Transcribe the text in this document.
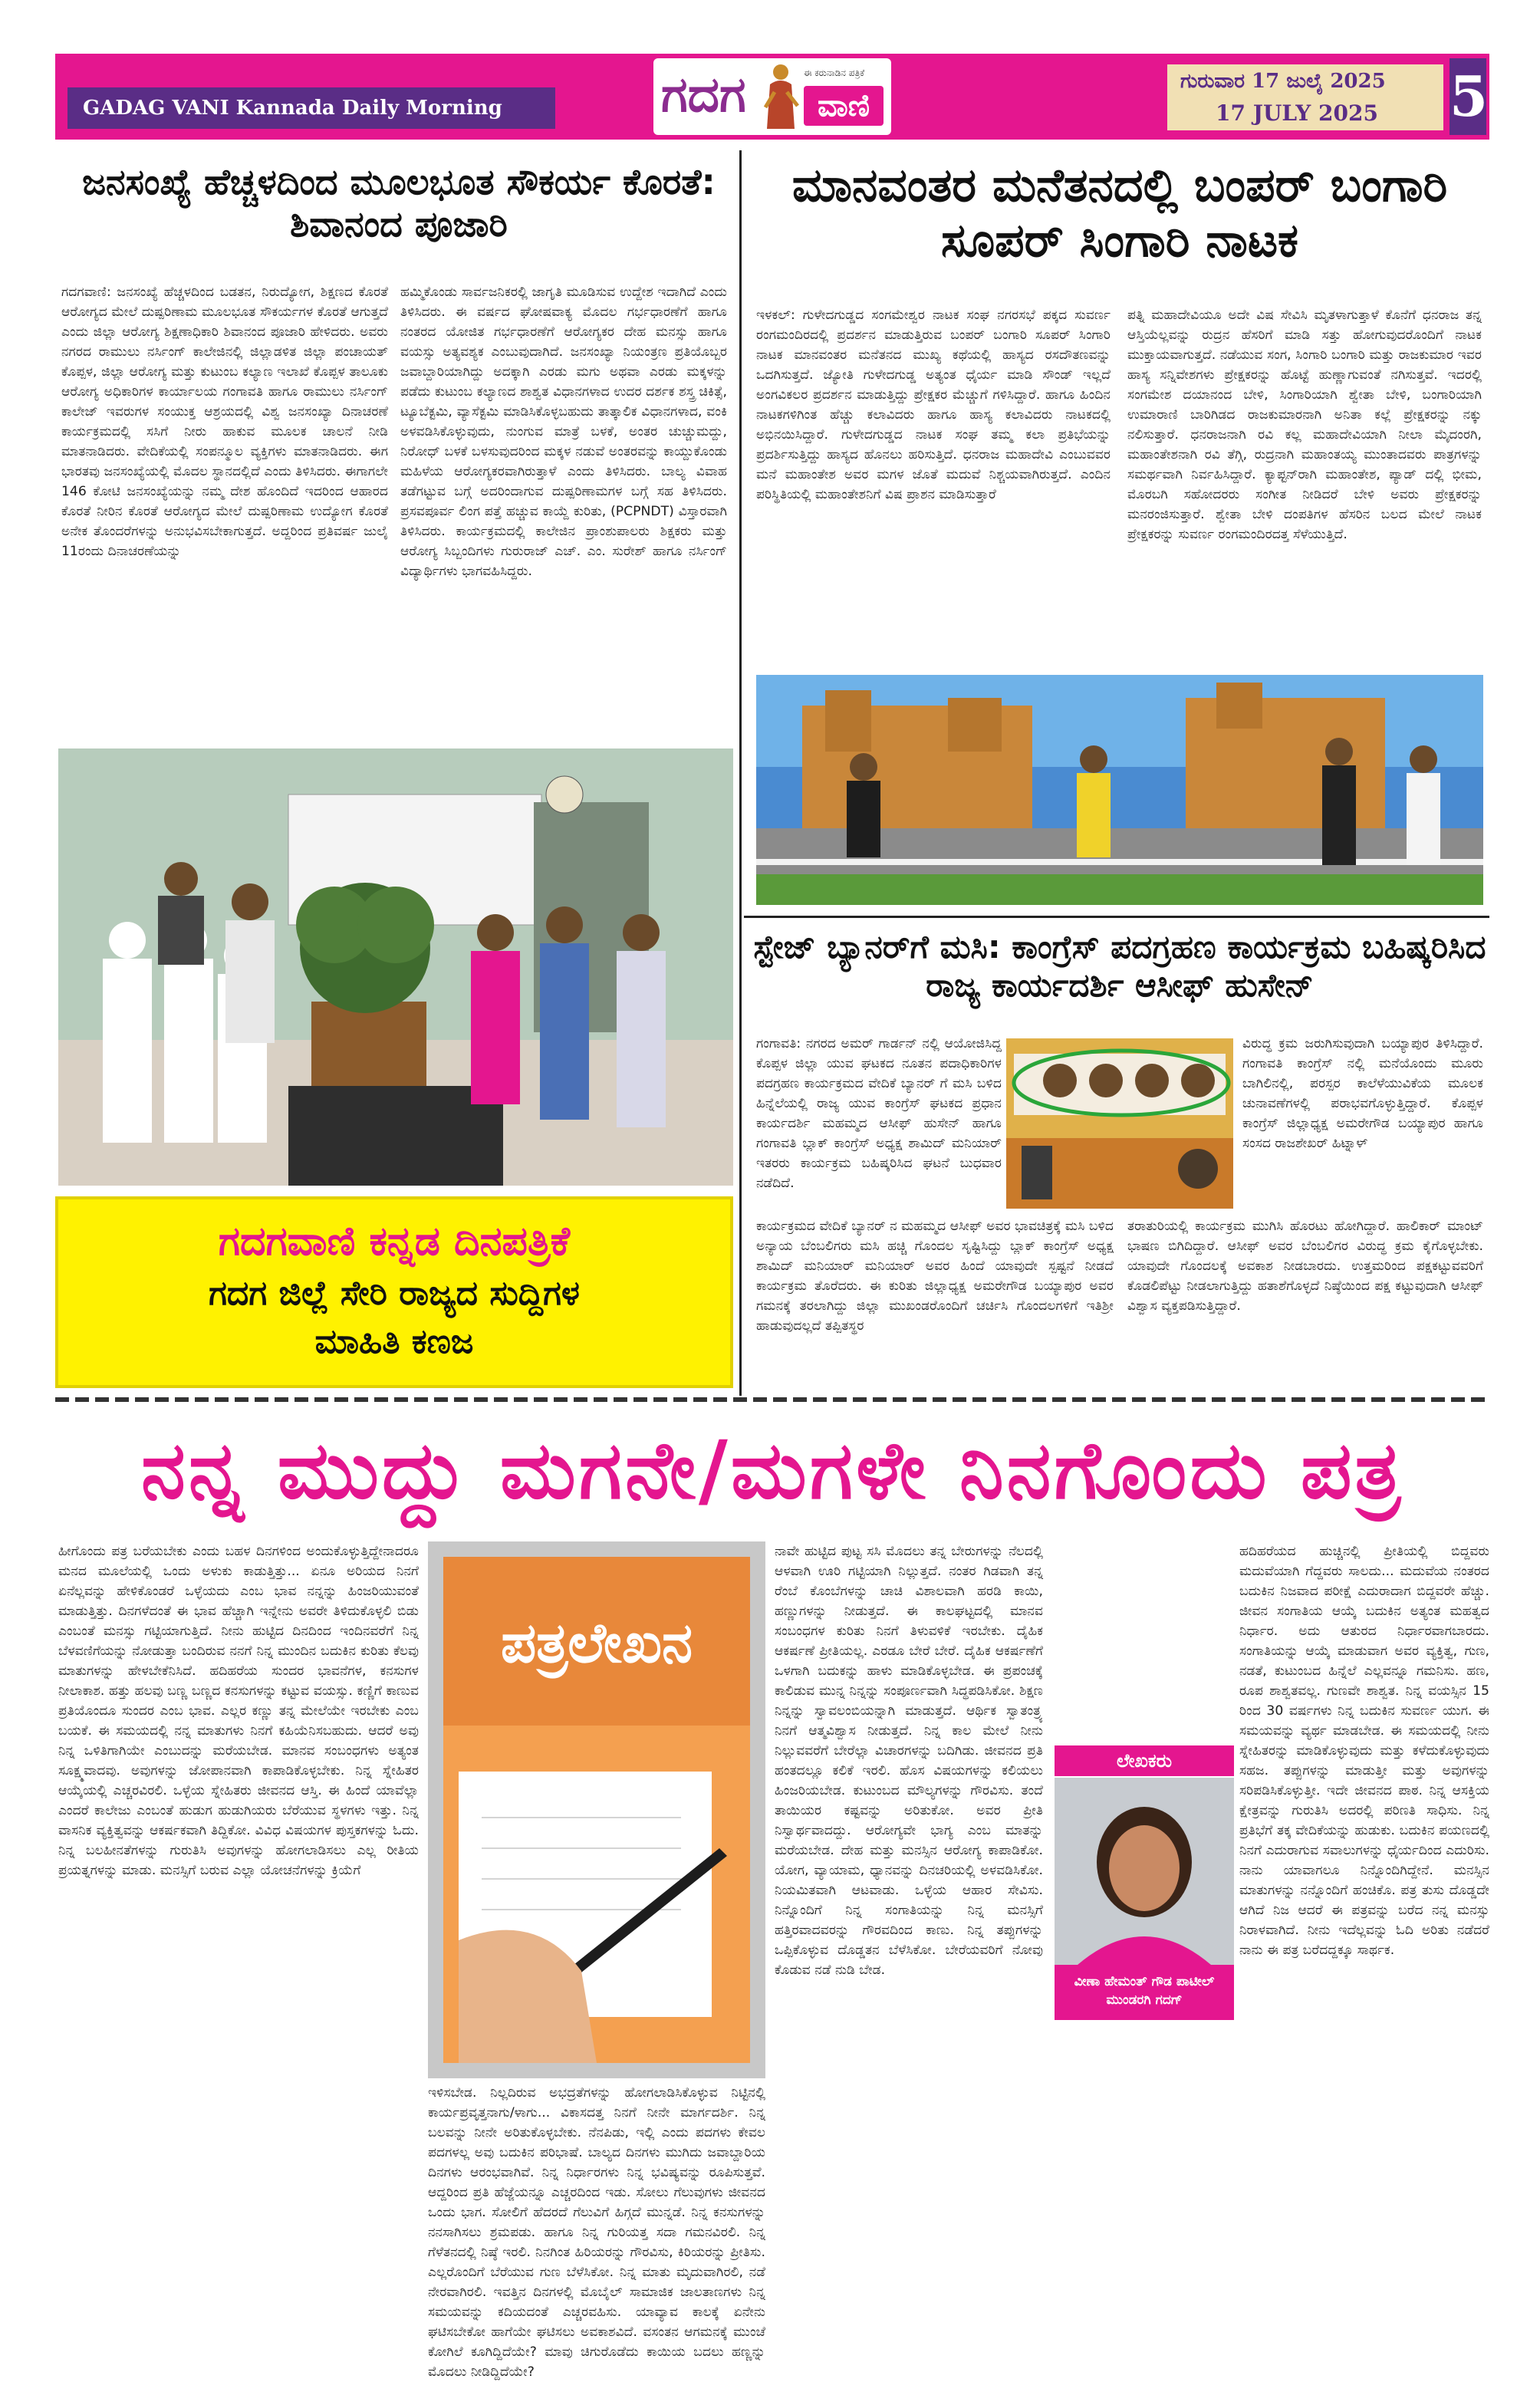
GADAG VANI Kannada Daily Morning	ಗದಗ	ಈ ಕರುನಾಡಿನ ಪತ್ರಿಕೆ
ವಾಣಿ
ಗುರುವಾರ 17 ಜುಲೈ 2025
17 JULY 2025 5
ಜನಸಂಖ್ಯೆ ಹೆಚ್ಚಳದಿಂದ ಮೂಲಭೂತ ಸೌಕರ್ಯ ಕೊರತೆ: ಶಿವಾನಂದ ಪೂಜಾರಿ
ಗದಗವಾಣಿ: ಜನಸಂಖ್ಯೆ ಹೆಚ್ಚಳದಿಂದ ಬಡತನ, ನಿರುದ್ಯೋಗ, ಶಿಕ್ಷಣದ ಕೊರತೆ ಆರೋಗ್ಯದ ಮೇಲೆ ದುಷ್ಪರಿಣಾಮ ಮೂಲಭೂತ ಸೌಕರ್ಯಗಳ ಕೊರತೆ ಆಗುತ್ತದೆ ಎಂದು ಜಿಲ್ಲಾ ಆರೋಗ್ಯ ಶಿಕ್ಷಣಾಧಿಕಾರಿ ಶಿವಾನಂದ ಪೂಜಾರಿ ಹೇಳಿದರು. ಅವರು ನಗರದ ರಾಮುಲು ನರ್ಸಿಂಗ್ ಕಾಲೇಜಿನಲ್ಲಿ ಜಿಲ್ಲಾಡಳಿತ ಜಿಲ್ಲಾ ಪಂಚಾಯತ್ ಕೊಪ್ಪಳ, ಜಿಲ್ಲಾ ಆರೋಗ್ಯ ಮತ್ತು ಕುಟುಂಬ ಕಲ್ಯಾಣ ಇಲಾಖೆ ಕೊಪ್ಪಳ ತಾಲೂಕು ಆರೋಗ್ಯ ಅಧಿಕಾರಿಗಳ ಕಾರ್ಯಾಲಯ ಗಂಗಾವತಿ ಹಾಗೂ ರಾಮುಲು ನರ್ಸಿಂಗ್ ಕಾಲೇಜ್ ಇವರುಗಳ ಸಂಯುಕ್ತ ಆಶ್ರಯದಲ್ಲಿ ವಿಶ್ವ ಜನಸಂಖ್ಯಾ ದಿನಾಚರಣೆ ಕಾರ್ಯಕ್ರಮದಲ್ಲಿ ಸಸಿಗೆ ನೀರು ಹಾಕುವ ಮೂಲಕ ಚಾಲನೆ ನೀಡಿ ಮಾತನಾಡಿದರು. ವೇದಿಕೆಯಲ್ಲಿ ಸಂಪನ್ಮೂಲ ವ್ಯಕ್ತಿಗಳು ಮಾತನಾಡಿದರು. ಈಗ ಭಾರತವು ಜನಸಂಖ್ಯೆಯಲ್ಲಿ ಮೊದಲ ಸ್ಥಾನದಲ್ಲಿದೆ ಎಂದು ತಿಳಿಸಿದರು. ಈಗಾಗಲೇ 146 ಕೋಟಿ ಜನಸಂಖ್ಯೆಯನ್ನು ನಮ್ಮ ದೇಶ ಹೊಂದಿದೆ ಇದರಿಂದ ಆಹಾರದ ಕೊರತೆ ನೀರಿನ ಕೊರತೆ ಆರೋಗ್ಯದ ಮೇಲೆ ದುಷ್ಪರಿಣಾಮ ಉದ್ಯೋಗ ಕೊರತೆ ಅನೇಕ ತೊಂದರೆಗಳನ್ನು ಅನುಭವಿಸಬೇಕಾಗುತ್ತದೆ. ಅದ್ದರಿಂದ ಪ್ರತಿವರ್ಷ ಜುಲೈ 11ರಂದು ದಿನಾಚರಣೆಯನ್ನು
ಹಮ್ಮಿಕೊಂಡು ಸಾರ್ವಜನಿಕರಲ್ಲಿ ಜಾಗೃತಿ ಮೂಡಿಸುವ ಉದ್ದೇಶ ಇದಾಗಿದೆ ಎಂದು ತಿಳಿಸಿದರು. ಈ ವರ್ಷದ ಘೋಷವಾಕ್ಯ ಮೊದಲ ಗರ್ಭಧಾರಣೆಗೆ ಹಾಗೂ ನಂತರದ ಯೋಜಿತ ಗರ್ಭಧಾರಣೆಗೆ ಆರೋಗ್ಯಕರ ದೇಹ ಮನಸ್ಸು ಹಾಗೂ ವಯಸ್ಸು ಅತ್ಯವಶ್ಯಕ ಎಂಬುವುದಾಗಿದೆ. ಜನಸಂಖ್ಯಾ ನಿಯಂತ್ರಣ ಪ್ರತಿಯೊಬ್ಬರ ಜವಾಬ್ದಾರಿಯಾಗಿದ್ದು ಅದಕ್ಕಾಗಿ ಎರಡು ಮಗು ಅಥವಾ ಎರಡು ಮಕ್ಕಳನ್ನು ಪಡೆದು ಕುಟುಂಬ ಕಲ್ಯಾಣದ ಶಾಶ್ವತ ವಿಧಾನಗಳಾದ ಉದರ ದರ್ಶಕ ಶಸ್ತ್ರ ಚಿಕಿತ್ಸೆ, ಟ್ಯೂಬೆಕ್ಟಮಿ, ವ್ಯಾಸೆಕ್ಟಮಿ ಮಾಡಿಸಿಕೊಳ್ಳಬಹುದು ತಾತ್ಕಾಲಿಕ ವಿಧಾನಗಳಾದ, ವಂಕಿ ಅಳವಡಿಸಿಕೊಳ್ಳುವುದು, ನುಂಗುವ ಮಾತ್ರೆ ಬಳಕೆ, ಅಂತರ ಚುಚ್ಚುಮದ್ದು, ನಿರೋಧ್ ಬಳಕೆ ಬಳಸುವುದರಿಂದ ಮಕ್ಕಳ ನಡುವೆ ಅಂತರವನ್ನು ಕಾಯ್ದುಕೊಂಡು ಮಹಿಳೆಯ ಆರೋಗ್ಯಕರವಾಗಿರುತ್ತಾಳೆ ಎಂದು ತಿಳಿಸಿದರು. ಬಾಲ್ಯ ವಿವಾಹ ತಡೆಗಟ್ಟುವ ಬಗ್ಗೆ ಅದರಿಂದಾಗುವ ದುಷ್ಪರಿಣಾಮಗಳ ಬಗ್ಗೆ ಸಹ ತಿಳಿಸಿದರು. ಪ್ರಸವಪೂರ್ವ ಲಿಂಗ ಪತ್ತೆ ಹಚ್ಚುವ ಕಾಯ್ದೆ ಕುರಿತು, (PCPNDT) ವಿಸ್ತಾರವಾಗಿ ತಿಳಿಸಿದರು. ಕಾರ್ಯಕ್ರಮದಲ್ಲಿ ಕಾಲೇಜಿನ ಪ್ರಾಂಶುಪಾಲರು ಶಿಕ್ಷಕರು ಮತ್ತು ಆರೋಗ್ಯ ಸಿಬ್ಬಂದಿಗಳು ಗುರುರಾಜ್ ಎಚ್. ಎಂ. ಸುರೇಶ್ ಹಾಗೂ ನರ್ಸಿಂಗ್ ವಿದ್ಯಾರ್ಥಿಗಳು ಭಾಗವಹಿಸಿದ್ದರು.
ಗದಗವಾಣಿ ಕನ್ನಡ ದಿನಪತ್ರಿಕೆ
ಗದಗ ಜಿಲ್ಲೆ ಸೇರಿ ರಾಜ್ಯದ ಸುದ್ದಿಗಳ
ಮಾಹಿತಿ ಕಣಜ
ಮಾನವಂತರ ಮನೆತನದಲ್ಲಿ ಬಂಪರ್ ಬಂಗಾರಿ ಸೂಪರ್ ಸಿಂಗಾರಿ ನಾಟಕ
ಇಳಕಲ್: ಗುಳೇದಗುಡ್ಡದ ಸಂಗಮೇಶ್ವರ ನಾಟಕ ಸಂಘ ನಗರಸಭೆ ಪಕ್ಕದ ಸುವರ್ಣ ರಂಗಮಂದಿರದಲ್ಲಿ ಪ್ರದರ್ಶನ ಮಾಡುತ್ತಿರುವ ಬಂಪರ್ ಬಂಗಾರಿ ಸೂಪರ್ ಸಿಂಗಾರಿ ನಾಟಕ ಮಾನವಂತರ ಮನೆತನದ ಮುಖ್ಯ ಕಥೆಯಲ್ಲಿ ಹಾಸ್ಯದ ರಸದೌತಣವನ್ನು ಒದಗಿಸುತ್ತದೆ. ಜ್ಯೋತಿ ಗುಳೇದಗುಡ್ಡ ಅತ್ಯಂತ ಧೈರ್ಯ ಮಾಡಿ ಸೌಂಡ್ ಇಲ್ಲದೆ ಅಂಗವಿಕಲರ ಪ್ರದರ್ಶನ ಮಾಡುತ್ತಿದ್ದು ಪ್ರೇಕ್ಷಕರ ಮೆಚ್ಚುಗೆ ಗಳಿಸಿದ್ದಾರೆ. ಹಾಗೂ ಹಿಂದಿನ ನಾಟಕಗಳಿಗಿಂತ ಹೆಚ್ಚು ಕಲಾವಿದರು ಹಾಗೂ ಹಾಸ್ಯ ಕಲಾವಿದರು ನಾಟಕದಲ್ಲಿ ಅಭಿನಯಿಸಿದ್ದಾರೆ. ಗುಳೇದಗುಡ್ಡದ ನಾಟಕ ಸಂಘ ತಮ್ಮ ಕಲಾ ಪ್ರತಿಭೆಯನ್ನು ಪ್ರದರ್ಶಿಸುತ್ತಿದ್ದು ಹಾಸ್ಯದ ಹೊನಲು ಹರಿಸುತ್ತಿದೆ. ಧನರಾಜ ಮಹಾದೇವಿ ಎಂಬುವವರ ಮನೆ ಮಹಾಂತೇಶ ಅವರ ಮಗಳ ಜೊತೆ ಮದುವೆ ನಿಶ್ಚಯವಾಗಿರುತ್ತದೆ. ಎಂದಿನ ಪರಿಸ್ಥಿತಿಯಲ್ಲಿ ಮಹಾಂತೇಶನಿಗೆ ವಿಷ ಪ್ರಾಶನ ಮಾಡಿಸುತ್ತಾರೆ
ಪತ್ನಿ ಮಹಾದೇವಿಯೂ ಅದೇ ವಿಷ ಸೇವಿಸಿ ಮೃತಳಾಗುತ್ತಾಳೆ ಕೊನೆಗೆ ಧನರಾಜ ತನ್ನ ಆಸ್ತಿಯೆಲ್ಲವನ್ನು ರುದ್ರನ ಹೆಸರಿಗೆ ಮಾಡಿ ಸತ್ತು ಹೋಗುವುದರೊಂದಿಗೆ ನಾಟಕ ಮುಕ್ತಾಯವಾಗುತ್ತದೆ. ನಡೆಯುವ ಸಂಗ, ಸಿಂಗಾರಿ ಬಂಗಾರಿ ಮತ್ತು ರಾಜಕುಮಾರ ಇವರ ಹಾಸ್ಯ ಸನ್ನಿವೇಶಗಳು ಪ್ರೇಕ್ಷಕರನ್ನು ಹೊಟ್ಟೆ ಹುಣ್ಣಾಗುವಂತೆ ನಗಿಸುತ್ತವೆ. ಇದರಲ್ಲಿ ಸಂಗಮೇಶ ದಯಾನಂದ ಬೇಳಿ, ಸಿಂಗಾರಿಯಾಗಿ ಶ್ವೇತಾ ಬೇಳಿ, ಬಂಗಾರಿಯಾಗಿ ಉಮಾರಾಣಿ ಬಾರಿಗಿಡದ ರಾಜಕುಮಾರನಾಗಿ ಅನಿತಾ ಕಲ್ಲೆ ಪ್ರೇಕ್ಷಕರನ್ನು ನಕ್ಕು ನಲಿಸುತ್ತಾರೆ. ಧನರಾಜನಾಗಿ ರವಿ ಕಲ್ಲ ಮಹಾದೇವಿಯಾಗಿ ನೀಲಾ ಮೈದಂರಗಿ, ಮಹಾಂತೇಶನಾಗಿ ರವಿ ತೆಗ್ಗಿ, ರುದ್ರನಾಗಿ ಮಹಾಂತಯ್ಯ ಮುಂತಾದವರು ಪಾತ್ರಗಳನ್ನು ಸಮರ್ಥವಾಗಿ ನಿರ್ವಹಿಸಿದ್ದಾರೆ. ಕ್ಯಾಪ್ಟನ್‌ರಾಗಿ ಮಹಾಂತೇಶ, ಪ್ಯಾಡ್ ದಲ್ಲಿ ಭೀಮ, ಮೊರಬಗಿ ಸಹೋದರರು ಸಂಗೀತ ನೀಡಿದರೆ ಬೇಳಿ ಅವರು ಪ್ರೇಕ್ಷಕರನ್ನು ಮನರಂಜಿಸುತ್ತಾರೆ. ಶ್ವೇತಾ ಬೇಳಿ ದಂಪತಿಗಳ ಹೆಸರಿನ ಬಲದ ಮೇಲೆ ನಾಟಕ ಪ್ರೇಕ್ಷಕರನ್ನು ಸುವರ್ಣ ರಂಗಮಂದಿರದತ್ತ ಸೆಳೆಯುತ್ತಿದೆ.
ಸ್ಟೇಜ್ ಬ್ಯಾನರ್‌ಗೆ ಮಸಿ: ಕಾಂಗ್ರೆಸ್ ಪದಗ್ರಹಣ ಕಾರ್ಯಕ್ರಮ ಬಹಿಷ್ಕರಿಸಿದ ರಾಜ್ಯ ಕಾರ್ಯದರ್ಶಿ ಆಸೀಫ್ ಹುಸೇನ್
ಗಂಗಾವತಿ: ನಗರದ ಅಮರ್ ಗಾರ್ಡನ್ ನಲ್ಲಿ ಆಯೋಜಿಸಿದ್ದ ಕೊಪ್ಪಳ ಜಿಲ್ಲಾ ಯುವ ಘಟಕದ ನೂತನ ಪದಾಧಿಕಾರಿಗಳ ಪದಗ್ರಹಣ ಕಾರ್ಯಕ್ರಮದ ವೇದಿಕೆ ಬ್ಯಾನರ್ ಗೆ ಮಸಿ ಬಳಿದ ಹಿನ್ನೆಲೆಯಲ್ಲಿ ರಾಜ್ಯ ಯುವ ಕಾಂಗ್ರೆಸ್ ಘಟಕದ ಪ್ರಧಾನ ಕಾರ್ಯದರ್ಶಿ ಮಹಮ್ಮದ ಆಸೀಫ್ ಹುಸೇನ್ ಹಾಗೂ ಗಂಗಾವತಿ ಬ್ಲಾಕ್ ಕಾಂಗ್ರೆಸ್ ಅಧ್ಯಕ್ಷ ಶಾಮಿದ್ ಮನಿಯಾರ್ ಇತರರು ಕಾರ್ಯಕ್ರಮ ಬಹಿಷ್ಕರಿಸಿದ ಘಟನೆ ಬುಧವಾರ ನಡೆದಿದೆ.
ವಿರುದ್ಧ ಕ್ರಮ ಜರುಗಿಸುವುದಾಗಿ ಬಯ್ಯಾಪುರ ತಿಳಿಸಿದ್ದಾರೆ. ಗಂಗಾವತಿ ಕಾಂಗ್ರೆಸ್ ನಲ್ಲಿ ಮನೆಯೊಂದು ಮೂರು ಬಾಗಿಲಿನಲ್ಲಿ, ಪರಸ್ಪರ ಕಾಲೆಳೆಯುವಿಕೆಯ ಮೂಲಕ ಚುನಾವಣೆಗಳಲ್ಲಿ ಪರಾಭವಗೊಳ್ಳುತ್ತಿದ್ದಾರೆ. ಕೊಪ್ಪಳ ಕಾಂಗ್ರೆಸ್ ಜಿಲ್ಲಾಧ್ಯಕ್ಷ ಅಮರೇಗೌಡ ಬಯ್ಯಾಪುರ ಹಾಗೂ ಸಂಸದ ರಾಜಶೇಖರ್ ಹಿಟ್ನಾಳ್
ಕಾರ್ಯಕ್ರಮದ ವೇದಿಕೆ ಬ್ಯಾನರ್ ನ ಮಹಮ್ಮದ ಆಸೀಫ್ ಅವರ ಭಾವಚಿತ್ರಕ್ಕೆ ಮಸಿ ಬಳಿದ ಅನ್ಯಾಯ ಬೆಂಬಲಿಗರು ಮಸಿ ಹಚ್ಚಿ ಗೊಂದಲ ಸೃಷ್ಟಿಸಿದ್ದು ಬ್ಲಾಕ್ ಕಾಂಗ್ರೆಸ್ ಅಧ್ಯಕ್ಷ ಶಾಮಿದ್ ಮನಿಯಾರ್ ಮನಿಯಾರ್ ಅವರ ಹಿಂದೆ ಯಾವುದೇ ಸ್ಪಷ್ಟನೆ ನೀಡದೆ ಕಾರ್ಯಕ್ರಮ ತೊರೆದರು. ಈ ಕುರಿತು ಜಿಲ್ಲಾಧ್ಯಕ್ಷ ಅಮರೇಗೌಡ ಬಯ್ಯಾಪುರ ಅವರ ಗಮನಕ್ಕೆ ತರಲಾಗಿದ್ದು ಜಿಲ್ಲಾ ಮುಖಂಡರೊಂದಿಗೆ ಚರ್ಚಿಸಿ ಗೊಂದಲಗಳಿಗೆ ಇತಿಶ್ರೀ ಹಾಡುವುದಲ್ಲದೆ ತಪ್ಪಿತಸ್ಥರ
ತರಾತುರಿಯಲ್ಲಿ ಕಾರ್ಯಕ್ರಮ ಮುಗಿಸಿ ಹೊರಟು ಹೋಗಿದ್ದಾರೆ. ಹಾಲಿಕಾರ್ ಮಾಂಟ್ ಭಾಷಣ ಬಿಗಿದಿದ್ದಾರೆ. ಆಸೀಫ್ ಅವರ ಬೆಂಬಲಿಗರ ವಿರುದ್ಧ ಕ್ರಮ ಕೈಗೊಳ್ಳಬೇಕು. ಯಾವುದೇ ಗೊಂದಲಕ್ಕೆ ಅವಕಾಶ ನೀಡಬಾರದು. ಉತ್ತಮರಿಂದ ಪಕ್ಷಕಟ್ಟುವವರಿಗೆ ಕೊಡಲಿಪೆಟ್ಟು ನೀಡಲಾಗುತ್ತಿದ್ದು ಹತಾಶೆಗೊಳ್ಳದೆ ನಿಷ್ಠೆಯಿಂದ ಪಕ್ಷ ಕಟ್ಟುವುದಾಗಿ ಆಸೀಫ್ ವಿಶ್ವಾಸ ವ್ಯಕ್ತಪಡಿಸುತ್ತಿದ್ದಾರೆ.
ನನ್ನ ಮುದ್ದು ಮಗನೇ/ಮಗಳೇ ನಿನಗೊಂದು ಪತ್ರ
ಹೀಗೊಂದು ಪತ್ರ ಬರೆಯಬೇಕು ಎಂದು ಬಹಳ ದಿನಗಳಿಂದ ಅಂದುಕೊಳ್ಳುತ್ತಿದ್ದೇನಾದರೂ ಮನದ ಮೂಲೆಯಲ್ಲಿ ಒಂದು ಅಳುಕು ಕಾಡುತ್ತಿತ್ತು... ಏನೂ ಅರಿಯದ ನಿನಗೆ ಏನೆಲ್ಲವನ್ನು ಹೇಳಿಕೊಂಡರೆ ಒಳ್ಳೆಯದು ಎಂಬ ಭಾವ ನನ್ನನ್ನು ಹಿಂಜರಿಯುವಂತೆ ಮಾಡುತ್ತಿತ್ತು. ದಿನಗಳೆದಂತೆ ಈ ಭಾವ ಹೆಚ್ಚಾಗಿ ಇನ್ನೇನು ಅವರೇ ತಿಳಿದುಕೊಳ್ಳಲಿ ಬಿಡು ಎಂಬಂತೆ ಮನಸ್ಸು ಗಟ್ಟಿಯಾಗುತ್ತಿದೆ. ನೀನು ಹುಟ್ಟಿದ ದಿನದಿಂದ ಇಂದಿನವರೆಗೆ ನಿನ್ನ ಬೆಳವಣಿಗೆಯನ್ನು ನೋಡುತ್ತಾ ಬಂದಿರುವ ನನಗೆ ನಿನ್ನ ಮುಂದಿನ ಬದುಕಿನ ಕುರಿತು ಕೆಲವು ಮಾತುಗಳನ್ನು ಹೇಳಬೇಕೆನಿಸಿದೆ. ಹದಿಹರೆಯ ಸುಂದರ ಭಾವನೆಗಳ, ಕನಸುಗಳ ನೀಲಾಕಾಶ. ಹತ್ತು ಹಲವು ಬಣ್ಣ ಬಣ್ಣದ ಕನಸುಗಳನ್ನು ಕಟ್ಟುವ ವಯಸ್ಸು. ಕಣ್ಣಿಗೆ ಕಾಣುವ ಪ್ರತಿಯೊಂದೂ ಸುಂದರ ಎಂಬ ಭಾವ. ಎಲ್ಲರ ಕಣ್ಣು ತನ್ನ ಮೇಲೆಯೇ ಇರಬೇಕು ಎಂಬ ಬಯಕೆ. ಈ ಸಮಯದಲ್ಲಿ ನನ್ನ ಮಾತುಗಳು ನಿನಗೆ ಕಹಿಯೆನಿಸಬಹುದು. ಆದರೆ ಅವು ನಿನ್ನ ಒಳಿತಿಗಾಗಿಯೇ ಎಂಬುದನ್ನು ಮರೆಯಬೇಡ. ಮಾನವ ಸಂಬಂಧಗಳು ಅತ್ಯಂತ ಸೂಕ್ಷ್ಮವಾದವು. ಅವುಗಳನ್ನು ಜೋಪಾನವಾಗಿ ಕಾಪಾಡಿಕೊಳ್ಳಬೇಕು. ನಿನ್ನ ಸ್ನೇಹಿತರ ಆಯ್ಕೆಯಲ್ಲಿ ಎಚ್ಚರವಿರಲಿ. ಒಳ್ಳೆಯ ಸ್ನೇಹಿತರು ಜೀವನದ ಆಸ್ತಿ. ಈ ಹಿಂದೆ ಯಾವೆಲ್ಲಾ ಎಂದರೆ ಕಾಲೇಜು ಎಂಬಂತೆ ಹುಡುಗ ಹುಡುಗಿಯರು ಬೆರೆಯುವ ಸ್ಥಳಗಳು ಇತ್ತು. ನಿನ್ನ ವಾಸನಿಕ ವ್ಯಕ್ತಿತ್ವವನ್ನು ಆಕರ್ಷಕವಾಗಿ ತಿದ್ದಿಕೋ. ವಿವಿಧ ವಿಷಯಗಳ ಪುಸ್ತಕಗಳನ್ನು ಓದು. ನಿನ್ನ ಬಲಹೀನತೆಗಳನ್ನು ಗುರುತಿಸಿ ಅವುಗಳನ್ನು ಹೋಗಲಾಡಿಸಲು ಎಲ್ಲ ರೀತಿಯ ಪ್ರಯತ್ನಗಳನ್ನು ಮಾಡು. ಮನಸ್ಸಿಗೆ ಬರುವ ಎಲ್ಲಾ ಯೋಚನೆಗಳನ್ನು ಕ್ರಿಯೆಗೆ
ಪತ್ರಲೇಖನ
ಇಳಿಸಬೇಡ. ನಿಲ್ಲದಿರುವ ಅಭದ್ರತೆಗಳನ್ನು ಹೋಗಲಾಡಿಸಿಕೊಳ್ಳುವ ನಿಟ್ಟಿನಲ್ಲಿ ಕಾರ್ಯಪ್ರವೃತ್ತನಾಗು/ಳಾಗು... ವಿಕಾಸದತ್ತ ನಿನಗೆ ನೀನೇ ಮಾರ್ಗದರ್ಶಿ. ನಿನ್ನ ಬಲವನ್ನು ನೀನೇ ಅರಿತುಕೊಳ್ಳಬೇಕು. ನೆನಪಿಡು, ಇಲ್ಲಿ ಎಂದು ಪದಗಳು ಕೇವಲ ಪದಗಳಲ್ಲ ಅವು ಬದುಕಿನ ಪರಿಭಾಷೆ. ಬಾಲ್ಯದ ದಿನಗಳು ಮುಗಿದು ಜವಾಬ್ದಾರಿಯ ದಿನಗಳು ಆರಂಭವಾಗಿವೆ. ನಿನ್ನ ನಿರ್ಧಾರಗಳು ನಿನ್ನ ಭವಿಷ್ಯವನ್ನು ರೂಪಿಸುತ್ತವೆ. ಆದ್ದರಿಂದ ಪ್ರತಿ ಹೆಜ್ಜೆಯನ್ನೂ ಎಚ್ಚರದಿಂದ ಇಡು. ಸೋಲು ಗೆಲುವುಗಳು ಜೀವನದ ಒಂದು ಭಾಗ. ಸೋಲಿಗೆ ಹೆದರದೆ ಗೆಲುವಿಗೆ ಹಿಗ್ಗದೆ ಮುನ್ನಡೆ. ನಿನ್ನ ಕನಸುಗಳನ್ನು ನನಸಾಗಿಸಲು ಶ್ರಮಪಡು. ಹಾಗೂ ನಿನ್ನ ಗುರಿಯತ್ತ ಸದಾ ಗಮನವಿರಲಿ. ನಿನ್ನ ಗೆಳೆತನದಲ್ಲಿ ನಿಷ್ಠೆ ಇರಲಿ. ನಿನಗಿಂತ ಹಿರಿಯರನ್ನು ಗೌರವಿಸು, ಕಿರಿಯರನ್ನು ಪ್ರೀತಿಸು. ಎಲ್ಲರೊಂದಿಗೆ ಬೆರೆಯುವ ಗುಣ ಬೆಳೆಸಿಕೋ. ನಿನ್ನ ಮಾತು ಮೃದುವಾಗಿರಲಿ, ನಡೆ ನೇರವಾಗಿರಲಿ. ಇವತ್ತಿನ ದಿನಗಳಲ್ಲಿ ಮೊಬೈಲ್ ಸಾಮಾಜಿಕ ಜಾಲತಾಣಗಳು ನಿನ್ನ ಸಮಯವನ್ನು ಕದಿಯದಂತೆ ಎಚ್ಚರವಹಿಸು. ಯಾವ್ಯಾವ ಕಾಲಕ್ಕೆ ಏನೇನು ಘಟಿಸಬೇಕೋ ಹಾಗೆಯೇ ಘಟಿಸಲು ಅವಕಾಶವಿದೆ. ವಸಂತನ ಆಗಮನಕ್ಕೆ ಮುಂಚೆ ಕೋಗಿಲೆ ಕೂಗಿದ್ದಿದೆಯೇ? ಮಾವು ಚಿಗುರೊಡೆದು ಕಾಯಿಯ ಬದಲು ಹಣ್ಣನ್ನು ಮೊದಲು ನೀಡಿದ್ದಿದೆಯೇ?
ನಾವೇ ಹುಟ್ಟಿದ ಪುಟ್ಟ ಸಸಿ ಮೊದಲು ತನ್ನ ಬೇರುಗಳನ್ನು ನೆಲದಲ್ಲಿ ಆಳವಾಗಿ ಊರಿ ಗಟ್ಟಿಯಾಗಿ ನಿಲ್ಲುತ್ತದೆ. ನಂತರ ಗಿಡವಾಗಿ ತನ್ನ ರೆಂಬೆ ಕೊಂಬೆಗಳನ್ನು ಚಾಚಿ ವಿಶಾಲವಾಗಿ ಹರಡಿ ಕಾಯಿ, ಹಣ್ಣುಗಳನ್ನು ನೀಡುತ್ತದೆ. ಈ ಕಾಲಘಟ್ಟದಲ್ಲಿ ಮಾನವ ಸಂಬಂಧಗಳ ಕುರಿತು ನಿನಗೆ ತಿಳುವಳಿಕೆ ಇರಬೇಕು. ದೈಹಿಕ ಆಕರ್ಷಣೆ ಪ್ರೀತಿಯಲ್ಲ. ಎರಡೂ ಬೇರೆ ಬೇರೆ. ದೈಹಿಕ ಆಕರ್ಷಣೆಗೆ ಒಳಗಾಗಿ ಬದುಕನ್ನು ಹಾಳು ಮಾಡಿಕೊಳ್ಳಬೇಡ. ಈ ಪ್ರಪಂಚಕ್ಕೆ ಕಾಲಿಡುವ ಮುನ್ನ ನಿನ್ನನ್ನು ಸಂಪೂರ್ಣವಾಗಿ ಸಿದ್ಧಪಡಿಸಿಕೋ. ಶಿಕ್ಷಣ ನಿನ್ನನ್ನು ಸ್ವಾವಲಂಬಿಯನ್ನಾಗಿ ಮಾಡುತ್ತದೆ. ಆರ್ಥಿಕ ಸ್ವಾತಂತ್ರ್ಯ ನಿನಗೆ ಆತ್ಮವಿಶ್ವಾಸ ನೀಡುತ್ತದೆ. ನಿನ್ನ ಕಾಲ ಮೇಲೆ ನೀನು ನಿಲ್ಲುವವರೆಗೆ ಬೇರೆಲ್ಲಾ ವಿಚಾರಗಳನ್ನು ಬದಿಗಿಡು. ಜೀವನದ ಪ್ರತಿ ಹಂತದಲ್ಲೂ ಕಲಿಕೆ ಇರಲಿ. ಹೊಸ ವಿಷಯಗಳನ್ನು ಕಲಿಯಲು ಹಿಂಜರಿಯಬೇಡ. ಕುಟುಂಬದ ಮೌಲ್ಯಗಳನ್ನು ಗೌರವಿಸು. ತಂದೆ ತಾಯಿಯರ ಕಷ್ಟವನ್ನು ಅರಿತುಕೋ. ಅವರ ಪ್ರೀತಿ ನಿಸ್ವಾರ್ಥವಾದದ್ದು. ಆರೋಗ್ಯವೇ ಭಾಗ್ಯ ಎಂಬ ಮಾತನ್ನು ಮರೆಯಬೇಡ. ದೇಹ ಮತ್ತು ಮನಸ್ಸಿನ ಆರೋಗ್ಯ ಕಾಪಾಡಿಕೋ. ಯೋಗ, ವ್ಯಾಯಾಮ, ಧ್ಯಾನವನ್ನು ದಿನಚರಿಯಲ್ಲಿ ಅಳವಡಿಸಿಕೋ. ನಿಯಮಿತವಾಗಿ ಆಟವಾಡು. ಒಳ್ಳೆಯ ಆಹಾರ ಸೇವಿಸು. ನಿನ್ನೊಂದಿಗೆ ನಿನ್ನ ಸಂಗಾತಿಯನ್ನು ನಿನ್ನ ಮನಸ್ಸಿಗೆ ಹತ್ತಿರವಾದವರನ್ನು ಗೌರವದಿಂದ ಕಾಣು. ನಿನ್ನ ತಪ್ಪುಗಳನ್ನು ಒಪ್ಪಿಕೊಳ್ಳುವ ದೊಡ್ಡತನ ಬೆಳೆಸಿಕೋ. ಬೇರೆಯವರಿಗೆ ನೋವು ಕೊಡುವ ನಡೆ ನುಡಿ ಬೇಡ.
ಲೇಖಕರು
ವೀಣಾ ಹೇಮಂತ್ ಗೌಡ ಪಾಟೀಲ್ ಮುಂಡರಗಿ ಗದಗ್
ಹದಿಹರೆಯದ ಹುಚ್ಚಿನಲ್ಲಿ ಪ್ರೀತಿಯಲ್ಲಿ ಬಿದ್ದವರು ಮದುವೆಯಾಗಿ ಗೆದ್ದವರು ಸಾಲದು... ಮದುವೆಯ ನಂತರದ ಬದುಕಿನ ನಿಜವಾದ ಪರೀಕ್ಷೆ ಎದುರಾದಾಗ ಬಿದ್ದವರೇ ಹೆಚ್ಚು. ಜೀವನ ಸಂಗಾತಿಯ ಆಯ್ಕೆ ಬದುಕಿನ ಅತ್ಯಂತ ಮಹತ್ವದ ನಿರ್ಧಾರ. ಅದು ಆತುರದ ನಿರ್ಧಾರವಾಗಬಾರದು. ಸಂಗಾತಿಯನ್ನು ಆಯ್ಕೆ ಮಾಡುವಾಗ ಅವರ ವ್ಯಕ್ತಿತ್ವ, ಗುಣ, ನಡತೆ, ಕುಟುಂಬದ ಹಿನ್ನೆಲೆ ಎಲ್ಲವನ್ನೂ ಗಮನಿಸು. ಹಣ, ರೂಪ ಶಾಶ್ವತವಲ್ಲ. ಗುಣವೇ ಶಾಶ್ವತ. ನಿನ್ನ ವಯಸ್ಸಿನ 15 ರಿಂದ 30 ವರ್ಷಗಳು ನಿನ್ನ ಬದುಕಿನ ಸುವರ್ಣ ಯುಗ. ಈ ಸಮಯವನ್ನು ವ್ಯರ್ಥ ಮಾಡಬೇಡ. ಈ ಸಮಯದಲ್ಲಿ ನೀನು ಸ್ನೇಹಿತರನ್ನು ಮಾಡಿಕೊಳ್ಳುವುದು ಮತ್ತು ಕಳೆದುಕೊಳ್ಳುವುದು ಸಹಜ. ತಪ್ಪುಗಳನ್ನು ಮಾಡುತ್ತೀ ಮತ್ತು ಅವುಗಳನ್ನು ಸರಿಪಡಿಸಿಕೊಳ್ಳುತ್ತೀ. ಇದೇ ಜೀವನದ ಪಾಠ. ನಿನ್ನ ಆಸಕ್ತಿಯ ಕ್ಷೇತ್ರವನ್ನು ಗುರುತಿಸಿ ಅದರಲ್ಲಿ ಪರಿಣತಿ ಸಾಧಿಸು. ನಿನ್ನ ಪ್ರತಿಭೆಗೆ ತಕ್ಕ ವೇದಿಕೆಯನ್ನು ಹುಡುಕು. ಬದುಕಿನ ಪಯಣದಲ್ಲಿ ನಿನಗೆ ಎದುರಾಗುವ ಸವಾಲುಗಳನ್ನು ಧೈರ್ಯದಿಂದ ಎದುರಿಸು. ನಾನು ಯಾವಾಗಲೂ ನಿನ್ನೊಂದಿಗಿದ್ದೇನೆ. ಮನಸ್ಸಿನ ಮಾತುಗಳನ್ನು ನನ್ನೊಂದಿಗೆ ಹಂಚಿಕೊ. ಪತ್ರ ತುಸು ದೊಡ್ಡದೇ ಆಗಿದೆ ನಿಜ ಆದರೆ ಈ ಪತ್ರವನ್ನು ಬರೆದ ನನ್ನ ಮನಸ್ಸು ನಿರಾಳವಾಗಿದೆ. ನೀನು ಇದೆಲ್ಲವನ್ನು ಓದಿ ಅರಿತು ನಡೆದರೆ ನಾನು ಈ ಪತ್ರ ಬರೆದದ್ದಕ್ಕೂ ಸಾರ್ಥಕ.
